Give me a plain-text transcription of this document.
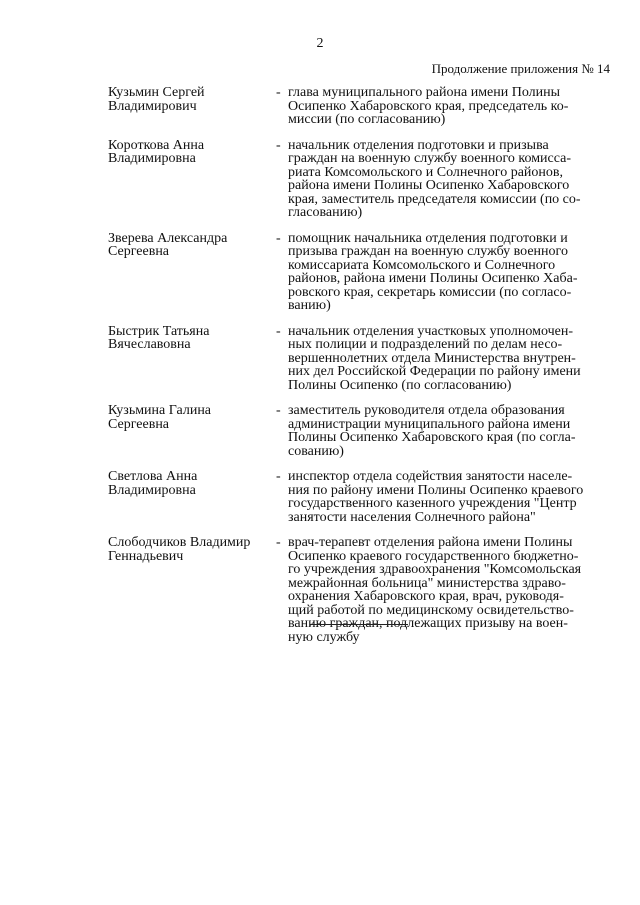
2
Продолжение приложения № 14
Кузьмин Сергей
Владимирович
- глава муниципального района имени Полины
Осипенко Хабаровского края, председатель ко-
миссии (по согласованию)
Короткова Анна
Владимировна
- начальник отделения подготовки и призыва
граждан на военную службу военного комисса-
риата Комсомольского и Солнечного районов,
района имени Полины Осипенко Хабаровского
края, заместитель председателя комиссии (по со-
гласованию)
Зверева Александра
Сергеевна
- помощник начальника отделения подготовки и
призыва граждан на военную службу военного
комиссариата Комсомольского и Солнечного
районов, района имени Полины Осипенко Хаба-
ровского края, секретарь комиссии (по согласо-
ванию)
Быстрик Татьяна
Вячеславовна
- начальник отделения участковых уполномочен-
ных полиции и подразделений по делам несо-
вершеннолетних отдела Министерства внутрен-
них дел Российской Федерации по району имени
Полины Осипенко (по согласованию)
Кузьмина Галина
Сергеевна
- заместитель руководителя отдела образования
администрации муниципального района имени
Полины Осипенко Хабаровского края (по согла-
сованию)
Светлова Анна
Владимировна
- инспектор отдела содействия занятости населе-
ния по району имени Полины Осипенко краевого
государственного казенного учреждения "Центр
занятости населения Солнечного района"
Слободчиков Владимир
Геннадьевич
- врач-терапевт отделения района имени Полины
Осипенко краевого государственного бюджетно-
го учреждения здравоохранения "Комсомольская
межрайонная больница" министерства здраво-
охранения Хабаровского края, врач, руководя-
щий работой по медицинскому освидетельство-
ванию граждан, подлежащих призыву на воен-
ную службу
